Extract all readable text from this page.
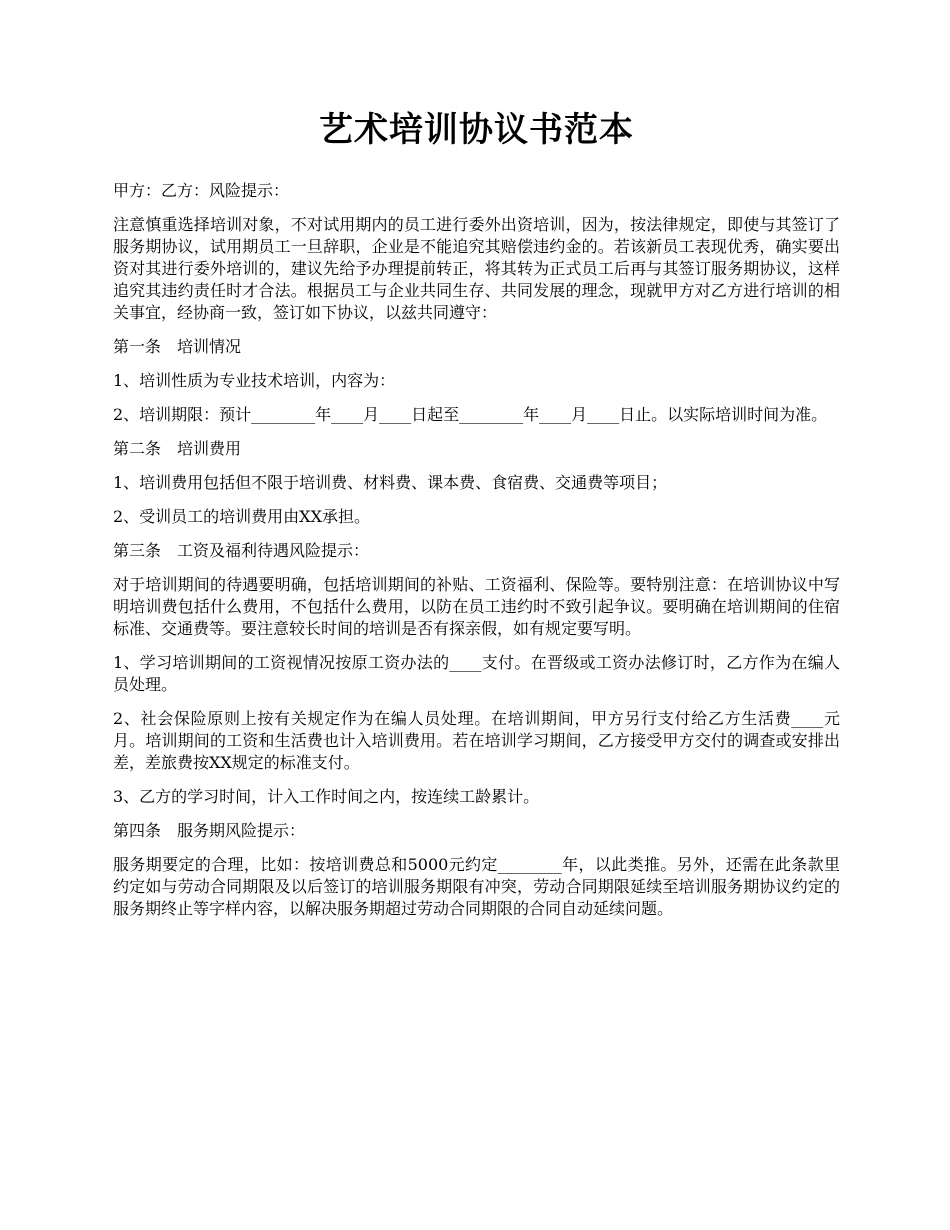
艺术培训协议书范本

甲方：乙方：风险提示：

注意慎重选择培训对象，不对试用期内的员工进行委外出资培训，因为，按法律规定，即使与其签订了服务期协议，试用期员工一旦辞职，企业是不能追究其赔偿违约金的。若该新员工表现优秀，确实要出资对其进行委外培训的，建议先给予办理提前转正，将其转为正式员工后再与其签订服务期协议，这样追究其违约责任时才合法。根据员工与企业共同生存、共同发展的理念，现就甲方对乙方进行培训的相关事宜，经协商一致，签订如下协议，以兹共同遵守：

第一条　培训情况

1、培训性质为专业技术培训，内容为：

2、培训期限：预计________年____月____日起至________年____月____日止。以实际培训时间为准。

第二条　培训费用

1、培训费用包括但不限于培训费、材料费、课本费、食宿费、交通费等项目；

2、受训员工的培训费用由XX承担。

第三条　工资及福利待遇风险提示：

对于培训期间的待遇要明确，包括培训期间的补贴、工资福利、保险等。要特别注意：在培训协议中写明培训费包括什么费用，不包括什么费用，以防在员工违约时不致引起争议。要明确在培训期间的住宿标准、交通费等。要注意较长时间的培训是否有探亲假，如有规定要写明。

1、学习培训期间的工资视情况按原工资办法的____支付。在晋级或工资办法修订时，乙方作为在编人员处理。

2、社会保险原则上按有关规定作为在编人员处理。在培训期间，甲方另行支付给乙方生活费____元月。培训期间的工资和生活费也计入培训费用。若在培训学习期间，乙方接受甲方交付的调查或安排出差，差旅费按XX规定的标准支付。

3、乙方的学习时间，计入工作时间之内，按连续工龄累计。

第四条　服务期风险提示：

服务期要定的合理，比如：按培训费总和5000元约定________年，以此类推。另外，还需在此条款里约定如与劳动合同期限及以后签订的培训服务期限有冲突，劳动合同期限延续至培训服务期协议约定的服务期终止等字样内容，以解决服务期超过劳动合同期限的合同自动延续问题。
